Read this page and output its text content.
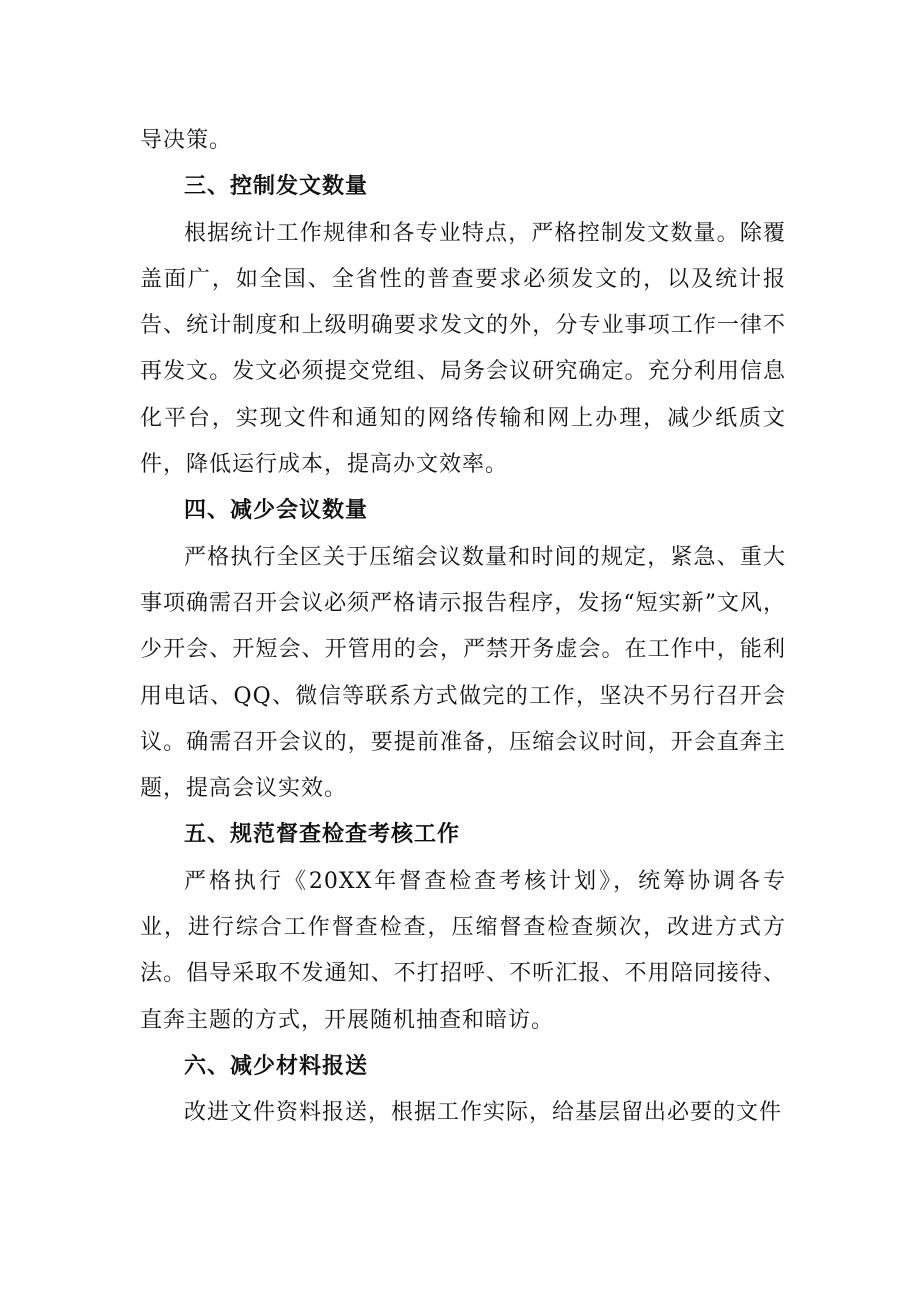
导决策。

三、控制发文数量

根据统计工作规律和各专业特点，严格控制发文数量。除覆盖面广，如全国、全省性的普查要求必须发文的，以及统计报告、统计制度和上级明确要求发文的外，分专业事项工作一律不再发文。发文必须提交党组、局务会议研究确定。充分利用信息化平台，实现文件和通知的网络传输和网上办理，减少纸质文件，降低运行成本，提高办文效率。

四、减少会议数量

严格执行全区关于压缩会议数量和时间的规定，紧急、重大事项确需召开会议必须严格请示报告程序，发扬“短实新”文风，少开会、开短会、开管用的会，严禁开务虚会。在工作中，能利用电话、QQ、微信等联系方式做完的工作，坚决不另行召开会议。确需召开会议的，要提前准备，压缩会议时间，开会直奔主题，提高会议实效。

五、规范督查检查考核工作

严格执行《20XX年督查检查考核计划》，统筹协调各专业，进行综合工作督查检查，压缩督查检查频次，改进方式方法。倡导采取不发通知、不打招呼、不听汇报、不用陪同接待、直奔主题的方式，开展随机抽查和暗访。

六、减少材料报送

改进文件资料报送，根据工作实际，给基层留出必要的文件
